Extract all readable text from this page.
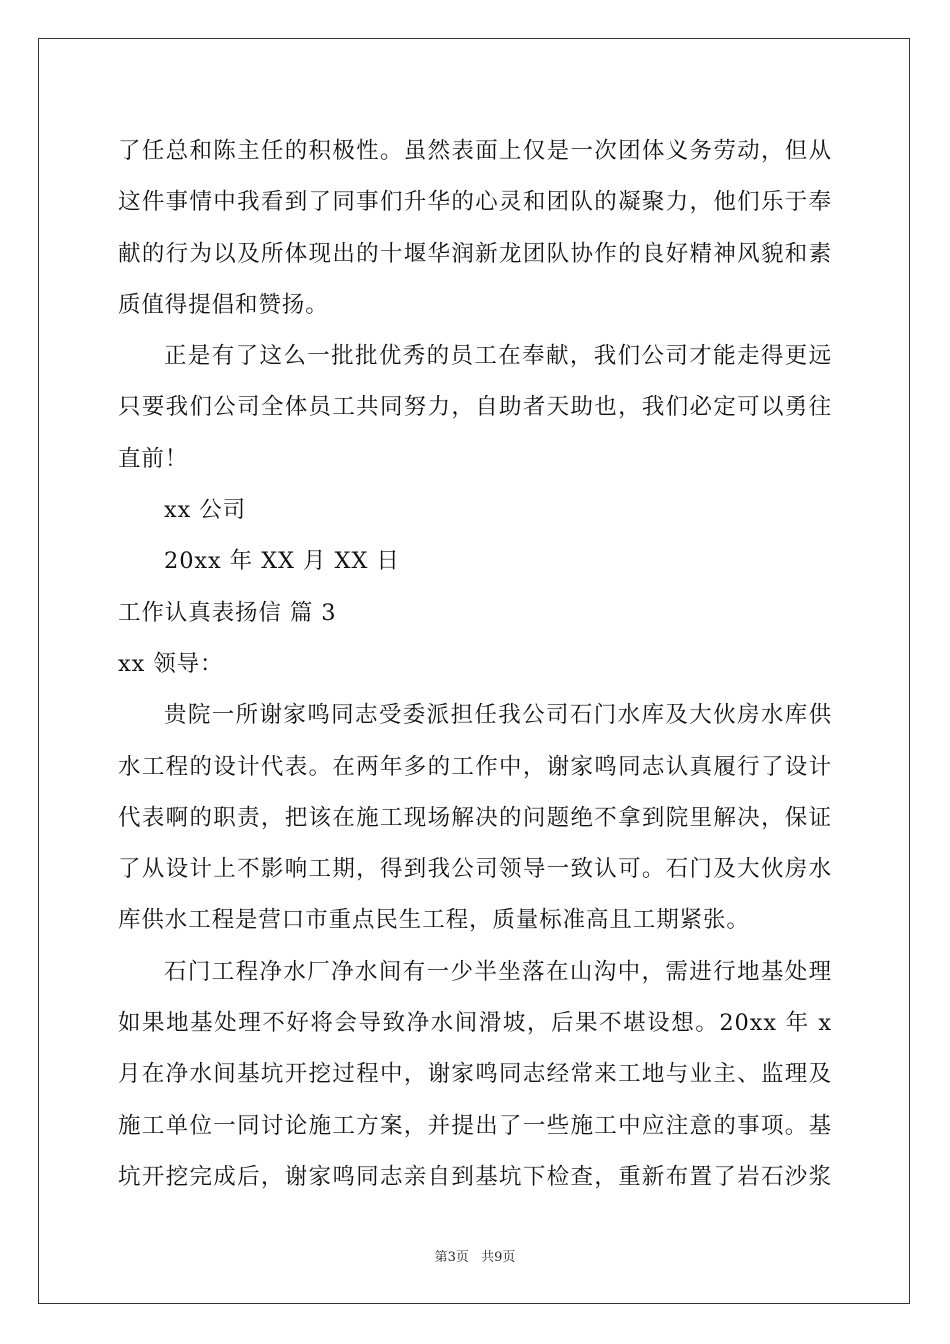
了任总和陈主任的积极性。虽然表面上仅是一次团体义务劳动，但从
这件事情中我看到了同事们升华的心灵和团队的凝聚力，他们乐于奉
献的行为以及所体现出的十堰华润新龙团队协作的良好精神风貌和素
质值得提倡和赞扬。
正是有了这么一批批优秀的员工在奉献，我们公司才能走得更远
只要我们公司全体员工共同努力，自助者天助也，我们必定可以勇往
直前！
xx 公司
20xx 年 XX 月 XX 日
工作认真表扬信 篇 3
xx 领导：
贵院一所谢家鸣同志受委派担任我公司石门水库及大伙房水库供
水工程的设计代表。在两年多的工作中，谢家鸣同志认真履行了设计
代表啊的职责，把该在施工现场解决的问题绝不拿到院里解决，保证
了从设计上不影响工期，得到我公司领导一致认可。石门及大伙房水
库供水工程是营口市重点民生工程，质量标准高且工期紧张。
石门工程净水厂净水间有一少半坐落在山沟中，需进行地基处理
如果地基处理不好将会导致净水间滑坡，后果不堪设想。20xx 年 x
月在净水间基坑开挖过程中，谢家鸣同志经常来工地与业主、监理及
施工单位一同讨论施工方案，并提出了一些施工中应注意的事项。基
坑开挖完成后，谢家鸣同志亲自到基坑下检查，重新布置了岩石沙浆
第3页 共9页
